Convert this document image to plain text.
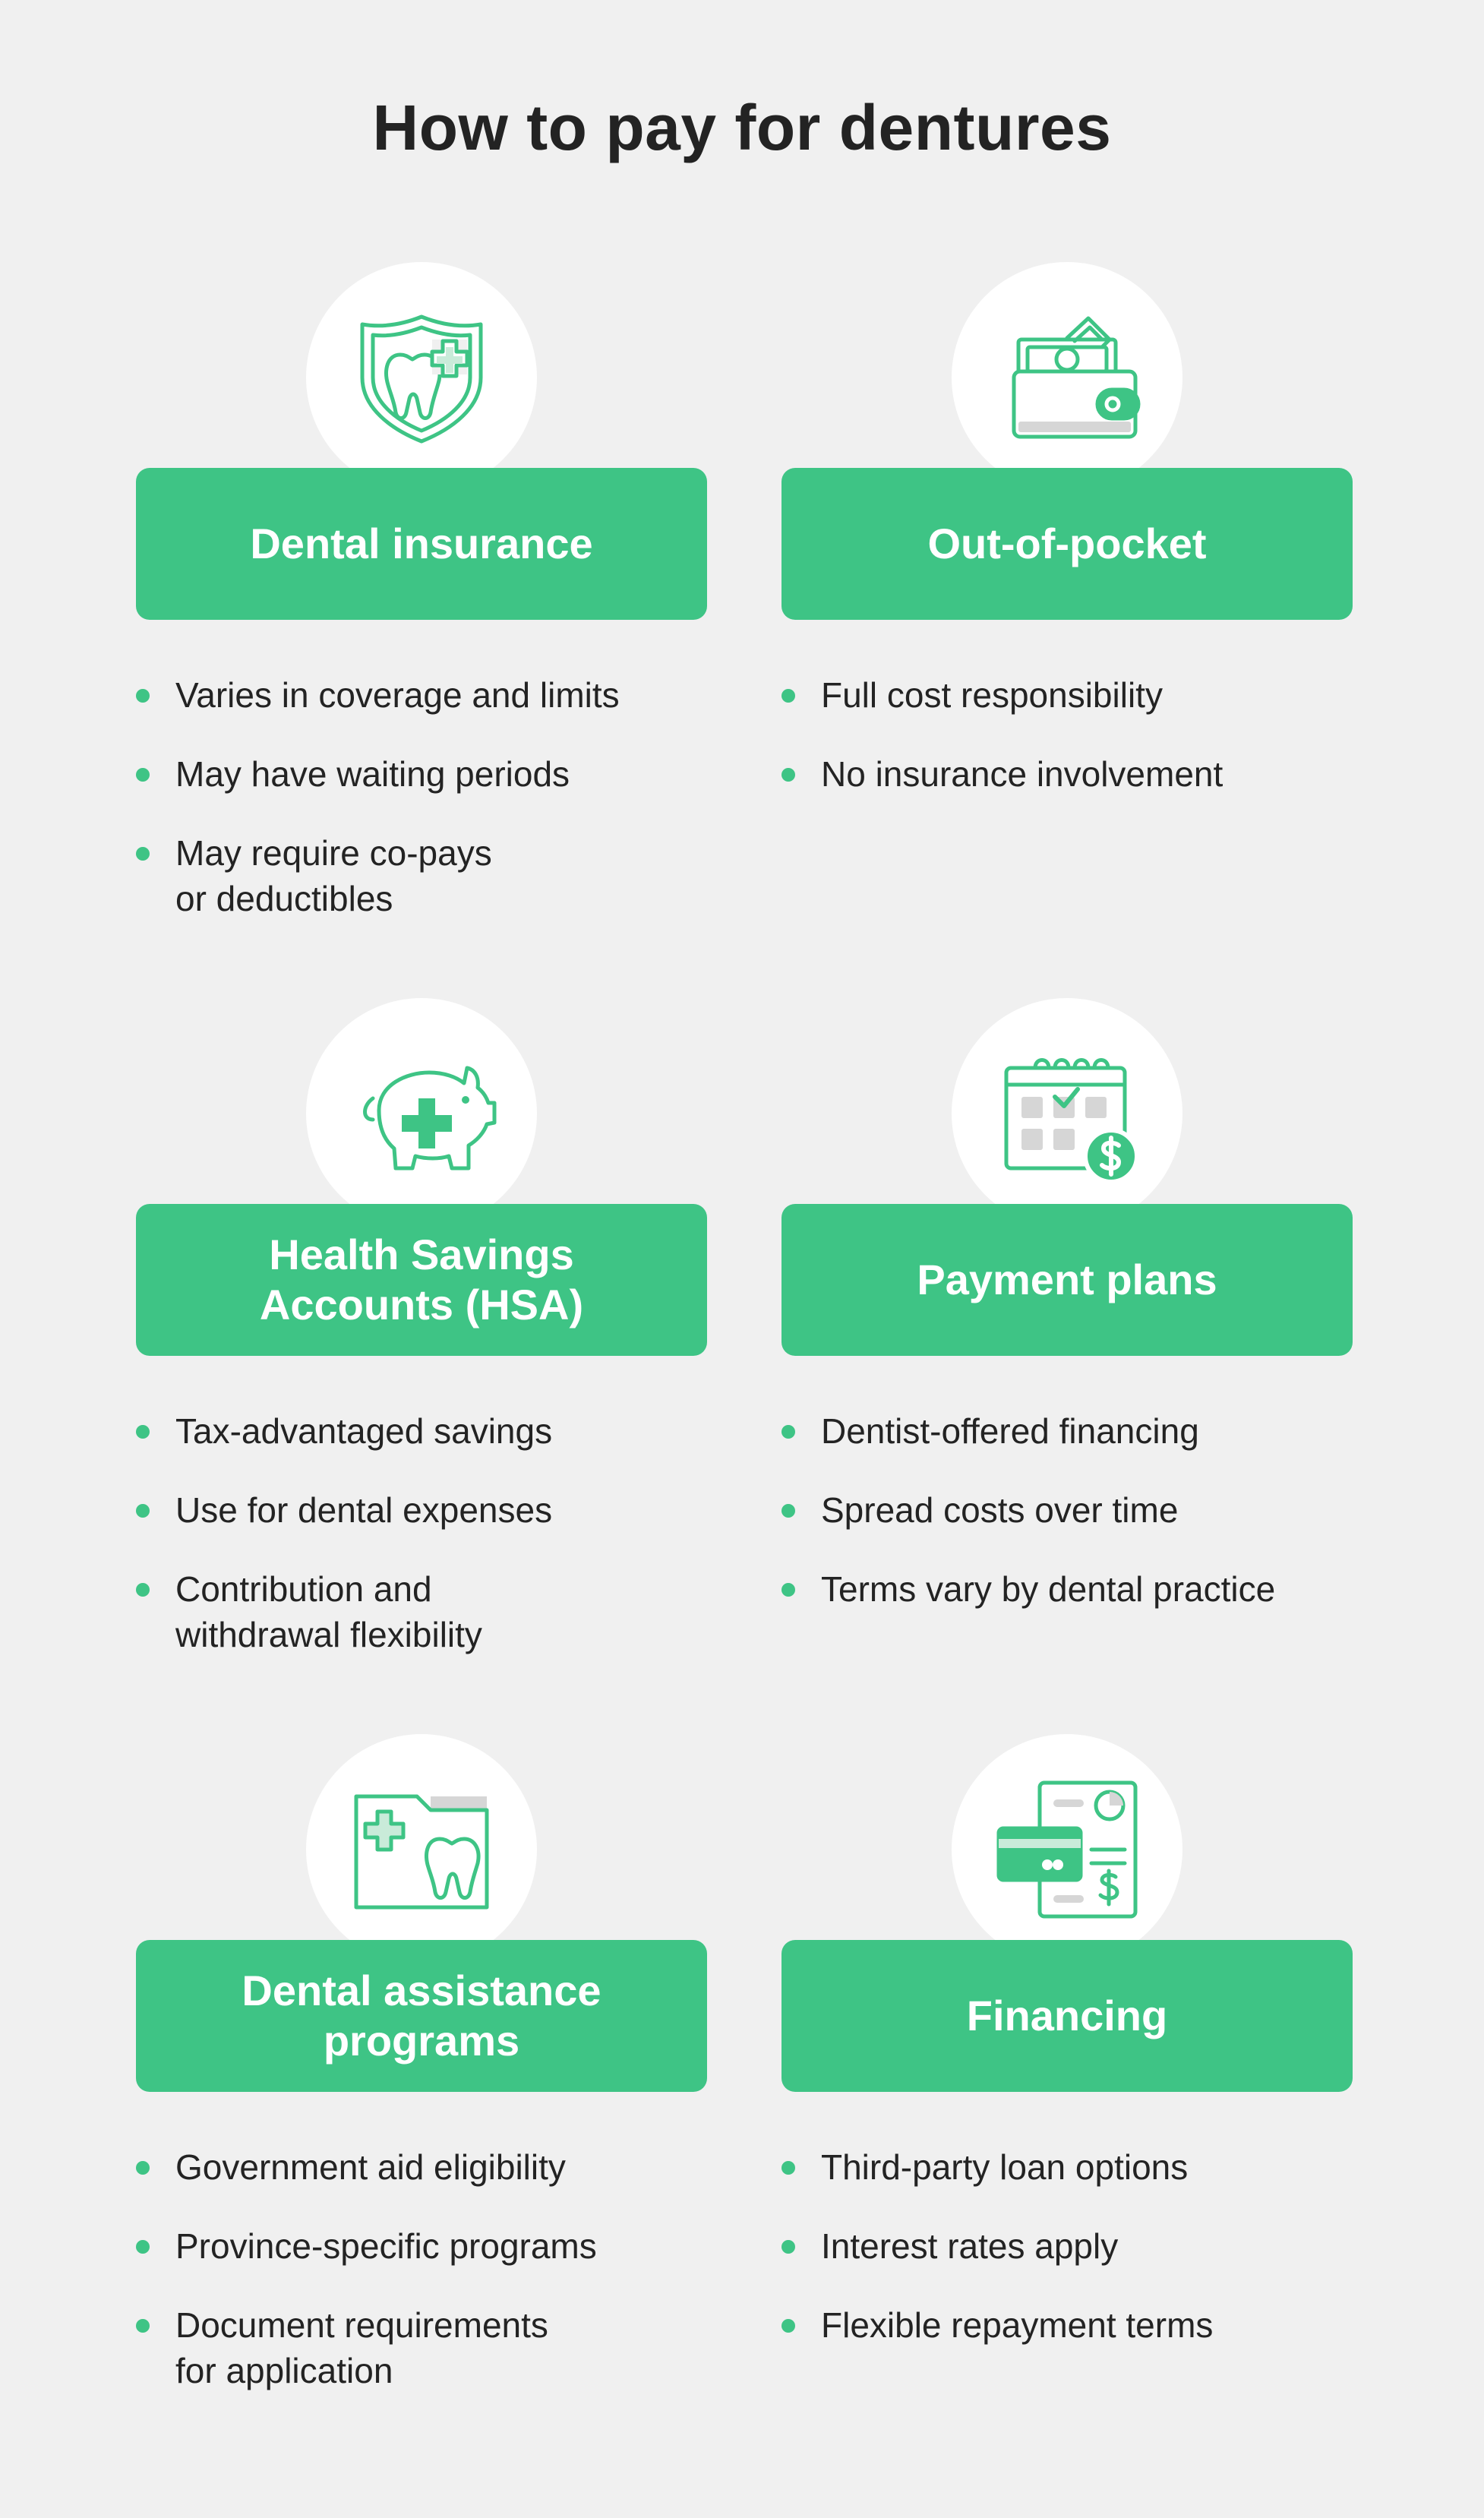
How to pay for dentures
Dental insurance
Varies in coverage and limits
May have waiting periods
May require co-pays
or deductibles
Out-of-pocket
Full cost responsibility
No insurance involvement
Health Savings
Accounts (HSA)
Tax-advantaged savings
Use for dental expenses
Contribution and
withdrawal flexibility
Payment plans
Dentist-offered financing
Spread costs over time
Terms vary by dental practice
Dental assistance
programs
Government aid eligibility
Province-specific programs
Document requirements
for application
Financing
Third-party loan options
Interest rates apply
Flexible repayment terms
